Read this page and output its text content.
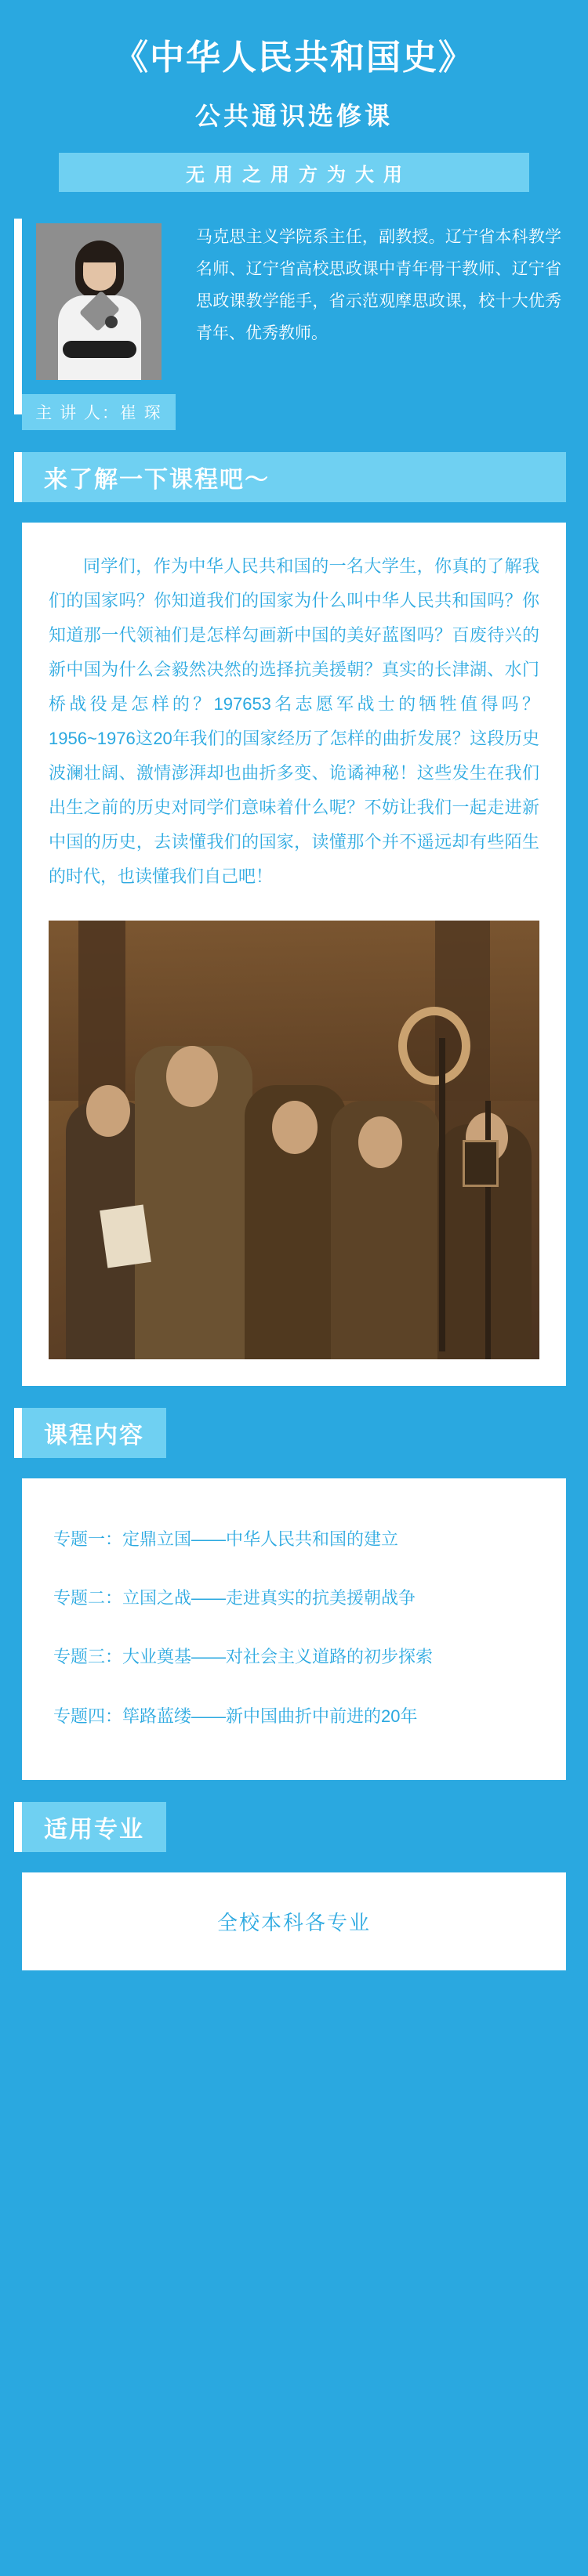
《中华人民共和国史》
公共通识选修课
无用之用方为大用
主 讲 人：崔 琛
马克思主义学院系主任，副教授。辽宁省本科教学名师、辽宁省高校思政课中青年骨干教师、辽宁省思政课教学能手，省示范观摩思政课，校十大优秀青年、优秀教师。
来了解一下课程吧～
同学们，作为中华人民共和国的一名大学生，你真的了解我们的国家吗？你知道我们的国家为什么叫中华人民共和国吗？你知道那一代领袖们是怎样勾画新中国的美好蓝图吗？百废待兴的新中国为什么会毅然决然的选择抗美援朝？真实的长津湖、水门桥战役是怎样的？197653名志愿军战士的牺牲值得吗？1956~1976这20年我们的国家经历了怎样的曲折发展？这段历史波澜壮阔、激情澎湃却也曲折多变、诡谲神秘！这些发生在我们出生之前的历史对同学们意味着什么呢？不妨让我们一起走进新中国的历史，去读懂我们的国家，读懂那个并不遥远却有些陌生的时代，也读懂我们自己吧！
课程内容
专题一：定鼎立国——中华人民共和国的建立
专题二：立国之战——走进真实的抗美援朝战争
专题三：大业奠基——对社会主义道路的初步探索
专题四：筚路蓝缕——新中国曲折中前进的20年
适用专业
全校本科各专业
